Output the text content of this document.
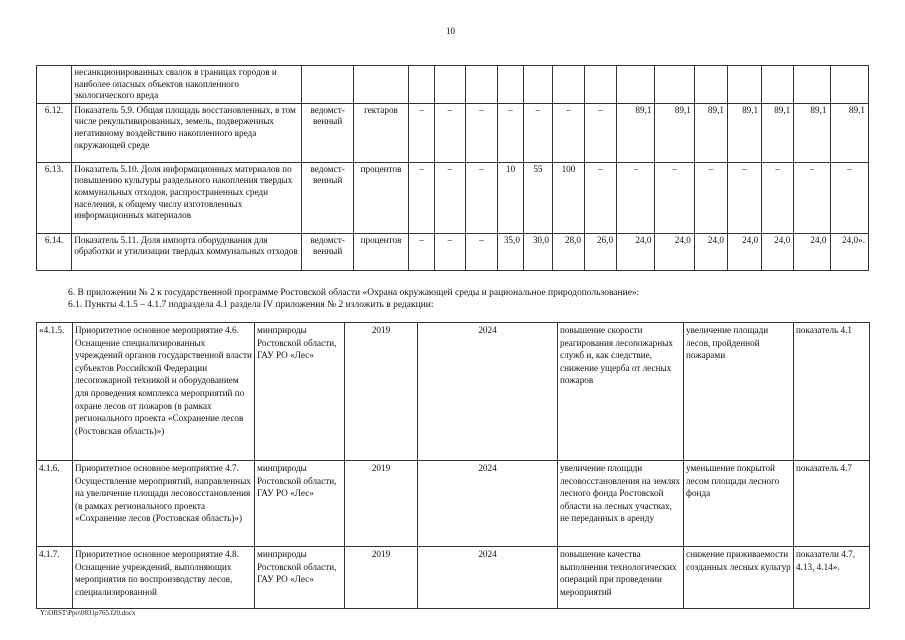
10
	несанкционированных свалок в границах городов и наиболее опасных объектов накопленного экологического вреда																
6.12.	Показатель 5.9. Общая площадь восстановленных, в том числе рекультивированных, земель, подверженных негативному воздействию накопленного вреда окружающей среде	ведомст-венный	гектаров	–	–	–	–	–	–	–	89,1	89,1	89,1	89,1	89,1	89,1	89,1
6.13.	Показатель 5.10. Доля информационных материалов по повышению культуры раздельного накопления твердых коммунальных отходов, распространенных среди населения, к общему числу изготовленных информационных материалов	ведомст-венный	процентов	–	–	–	10	55	100	–	–	–	–	–	–	–	–
6.14.	Показатель 5.11. Доля импорта оборудования для обработки и утилизации твердых коммунальных отходов	ведомст-венный	процентов	–	–	–	35,0	30,0	28,0	26,0	24,0	24,0	24,0	24,0	24,0	24,0	24,0».
6. В приложении № 2 к государственной программе Ростовской области «Охрана окружающей среды и рациональное природопользование»:
6.1. Пункты 4.1.5 – 4.1.7 подраздела 4.1 раздела IV приложения № 2 изложить в редакции:
«4.1.5.	Приоритетное основное мероприятие 4.6. Оснащение специализированных учреждений органов государственной власти субъектов Российской Федерации лесопожарной техникой и оборудованием для проведения комплекса мероприятий по охране лесов от пожаров (в рамках регионального проекта «Сохранение лесов (Ростовская область)»)	минприроды Ростовской области, ГАУ РО «Лес»	2019	2024	повышение скорости реагирования лесопожарных служб и, как следствие, снижение ущерба от лесных пожаров	увеличение площади лесов, пройденной пожарами	показатель 4.1
4.1.6.	Приоритетное основное мероприятие 4.7. Осуществление мероприятий, направленных на увеличение площади лесовосстановления (в рамках регионального проекта «Сохранение лесов (Ростовская область)»)	минприроды Ростовской области, ГАУ РО «Лес»	2019	2024	увеличение площади лесовосстановления на землях лесного фонда Ростовской области на лесных участках, не переданных в аренду	уменьшение покрытой лесом площади лесного фонда	показатель 4.7
4.1.7.	Приоритетное основное мероприятие 4.8. Оснащение учреждений, выполняющих мероприятия по воспроизводству лесов, специализированной	минприроды Ростовской области, ГАУ РО «Лес»	2019	2024	повышение качества выполнения технологических операций при проведении мероприятий	снижение приживаемости созданных лесных культур	показатели 4.7, 4.13, 4.14».
Y:\ORST\Ppo\0831p765.f20.docx
